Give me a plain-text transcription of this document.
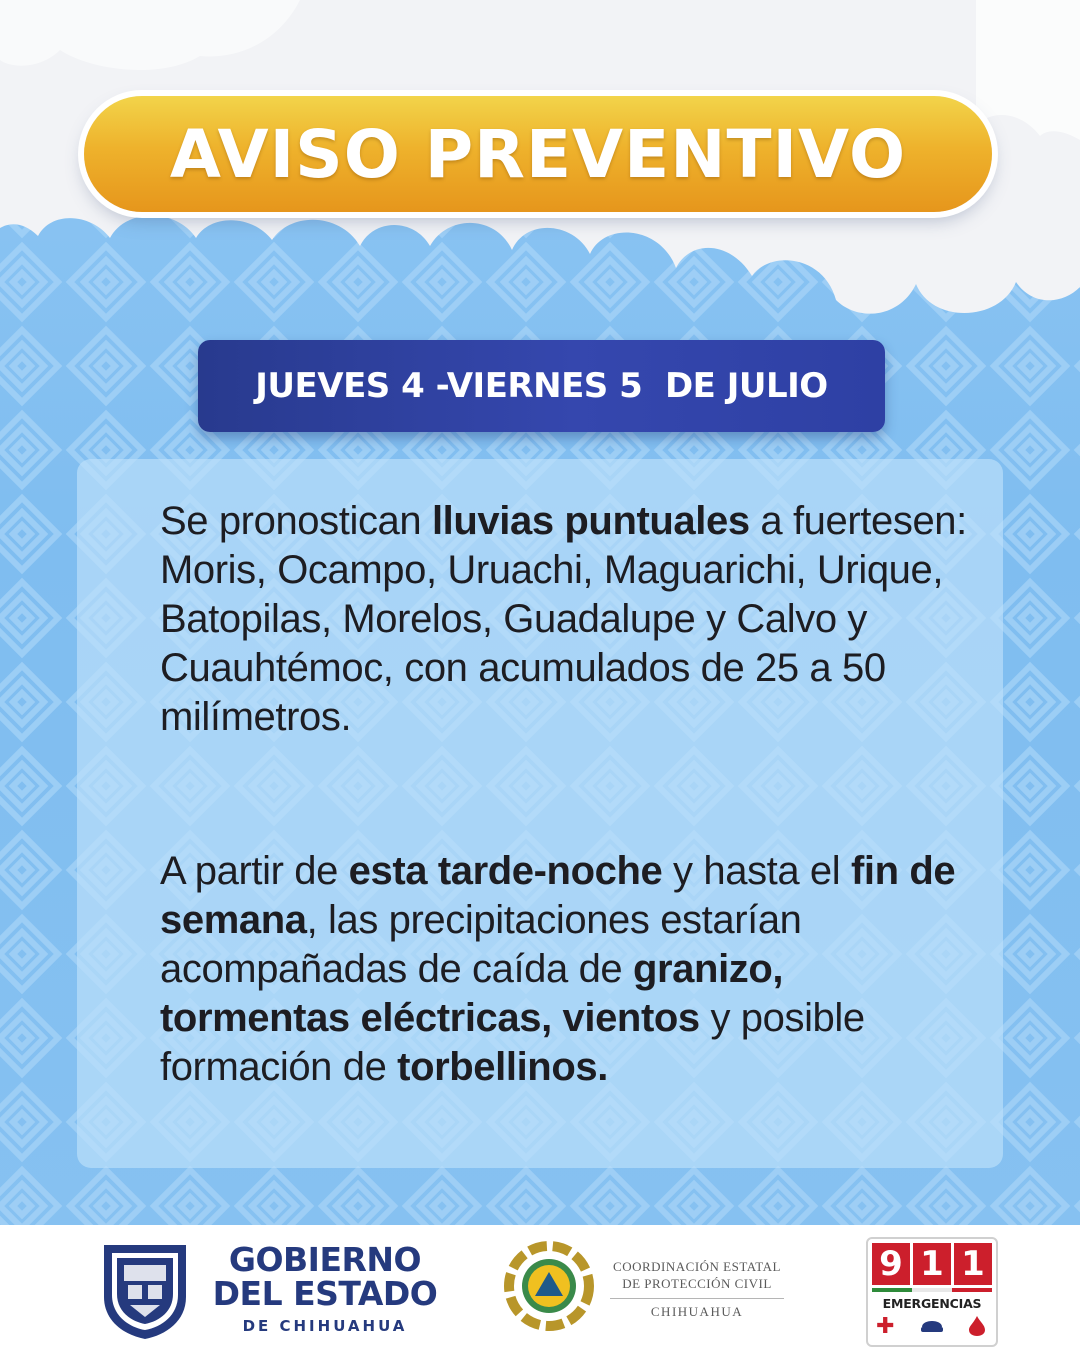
AVISO PREVENTIVO
JUEVES 4 -VIERNES 5  DE JULIO

Se pronostican lluvias puntuales a fuertesen: Moris, Ocampo, Uruachi, Maguarichi, Urique, Batopilas, Morelos, Guadalupe y Calvo y Cuauhtémoc, con acumulados de 25 a 50 milímetros.

A partir de esta tarde-noche y hasta el fin de semana, las precipitaciones estarían acompañadas de caída de granizo, tormentas eléctricas, vientos y posible formación de torbellinos.

GOBIERNO
DEL ESTADO
DE CHIHUAHUA
COORDINACIÓN ESTATAL
DE PROTECCIÓN CIVIL
CHIHUAHUA
9 1 1
EMERGENCIAS
✚
